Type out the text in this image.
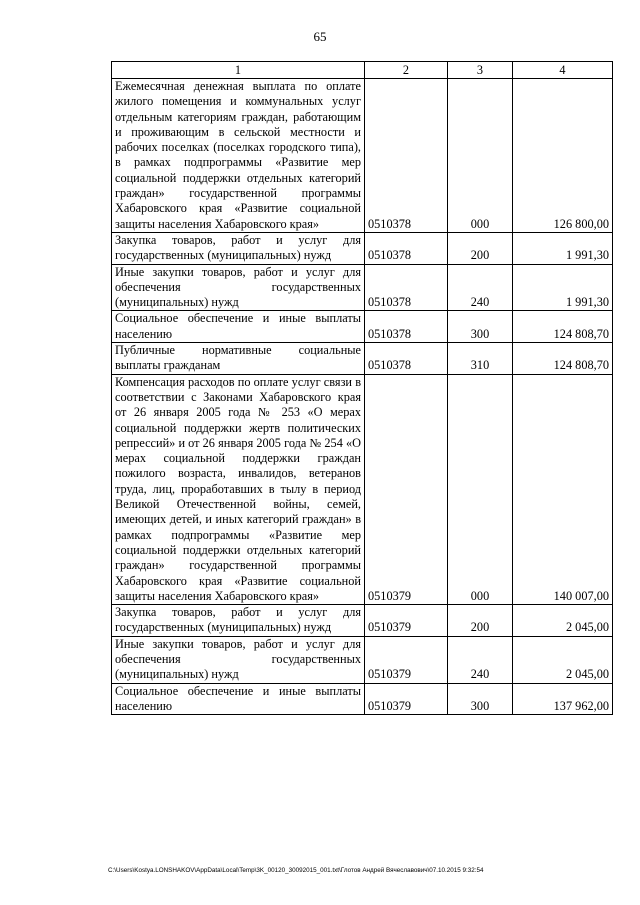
65
1	2	3	4
Ежемесячная денежная выплата по оплате жилого помещения и коммунальных услуг отдельным категориям граждан, работающим и проживающим в сельской местности и рабочих поселках (поселках городского типа), в рамках подпрограммы «Развитие мер социальной поддержки отдельных категорий граждан» государственной программы Хабаровского края «Развитие социальной защиты населения Хабаровского края»	0510378	000	126 800,00
Закупка товаров, работ и услуг для государственных (муниципальных) нужд	0510378	200	1 991,30
Иные закупки товаров, работ и услуг для обеспечения государственных (муниципальных) нужд	0510378	240	1 991,30
Социальное обеспечение и иные выплаты населению	0510378	300	124 808,70
Публичные нормативные социальные выплаты гражданам	0510378	310	124 808,70
Компенсация расходов по оплате услуг связи в соответствии с Законами Хабаровского края от 26 января 2005 года № 253 «О мерах социальной поддержки жертв политических репрессий» и от 26 января 2005 года № 254 «О мерах социальной поддержки граждан пожилого возраста, инвалидов, ветеранов труда, лиц, проработавших в тылу в период Великой Отечественной войны, семей, имеющих детей, и иных категорий граждан» в рамках подпрограммы «Развитие мер социальной поддержки отдельных категорий граждан» государственной программы Хабаровского края «Развитие социальной защиты населения Хабаровского края»	0510379	000	140 007,00
Закупка товаров, работ и услуг для государственных (муниципальных) нужд	0510379	200	2 045,00
Иные закупки товаров, работ и услуг для обеспечения государственных (муниципальных) нужд	0510379	240	2 045,00
Социальное обеспечение и иные выплаты населению	0510379	300	137 962,00
C:\Users\Kostya.LONSHAKOV\AppData\Local\Temp\3K_00120_30092015_001.txt\Глотов Андрей Вячеславович\07.10.2015 9:32:54
